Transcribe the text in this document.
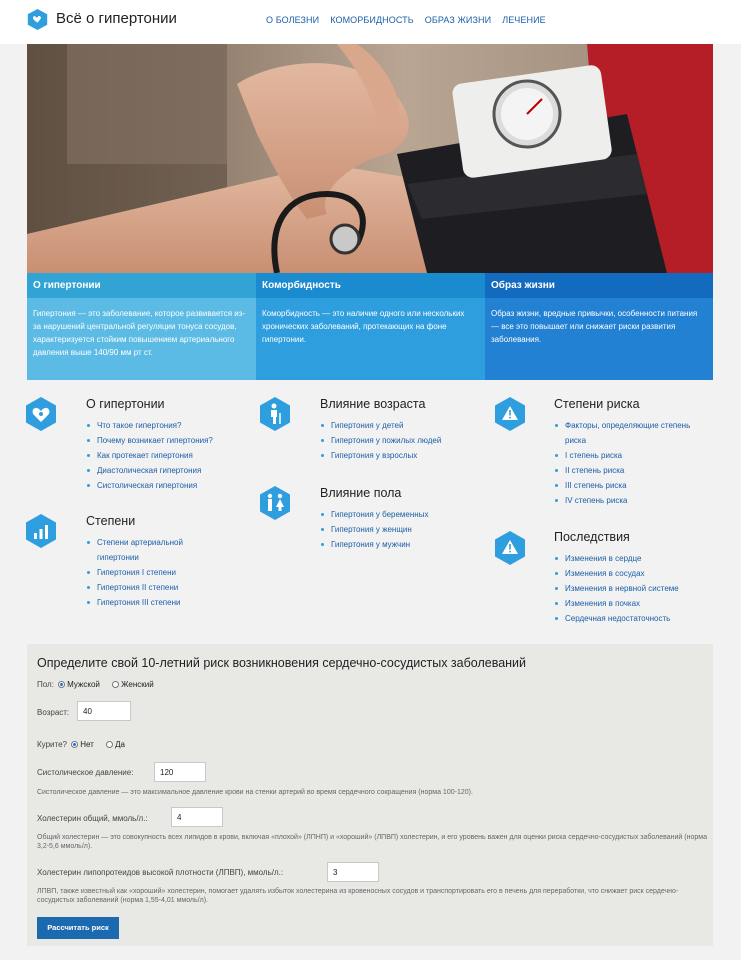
Всё о гипертонии	О БОЛЕЗНИ КОМОРБИДНОСТЬ ОБРАЗ ЖИЗНИ ЛЕЧЕНИЕ
О гипертонии
Гипертония — это заболевание, которое развивается из-за нарушений центральной регуляции тонуса сосудов, характеризуется стойким повышением артериального давления выше 140/90 мм рт ст.
Коморбидность
Коморбидность — это наличие одного или нескольких хронических заболеваний, протекающих на фоне гипертонии.
Образ жизни
Образ жизни, вредные привычки, особенности питания — все это повышает или снижает риски развития заболевания.
О гипертонии
Что такое гипертония?
Почему возникает гипертония?
Как протекает гипертония
Диастолическая гипертония
Систолическая гипертония
Степени
Степени артериальной гипертонии
Гипертония I степени
Гипертония II степени
Гипертония III степени
Влияние возраста
Гипертония у детей
Гипертония у пожилых людей
Гипертония у взрослых
Влияние пола
Гипертония у беременных
Гипертония у женщин
Гипертония у мужчин
Степени риска
Факторы, определяющие степень риска
I степень риска
II степень риска
III степень риска
IV степень риска
Последствия
Изменения в сердце
Изменения в сосудах
Изменения в нервной системе
Изменения в почках
Сердечная недостаточность
Определите свой 10-летний риск возникновения сердечно-сосудистых заболеваний
Пол: Мужской	Женский
Возраст:	40
Курите? Нет	Да
Систолическое давление:	120
Систолическое давление — это максимальное давление крови на стенки артерий во время сердечного сокращения (норма 100-120).
Холестерин общий, ммоль/л.:	4
Общий холестерин — это совокупность всех липидов в крови, включая «плохой» (ЛПНП) и «хороший» (ЛПВП) холестерин, и его уровень важен для оценки риска сердечно-сосудистых заболеваний (норма 3,2-5,6 ммоль/л).
Холестерин липопротеидов высокой плотности (ЛПВП), ммоль/л.:	3
ЛПВП, также известный как «хороший» холестерин, помогает удалять избыток холестерина из кровеносных сосудов и транспортировать его в печень для переработки, что снижает риск сердечно-сосудистых заболеваний (норма 1,55-4,01 ммоль/л).
Рассчитать риск
